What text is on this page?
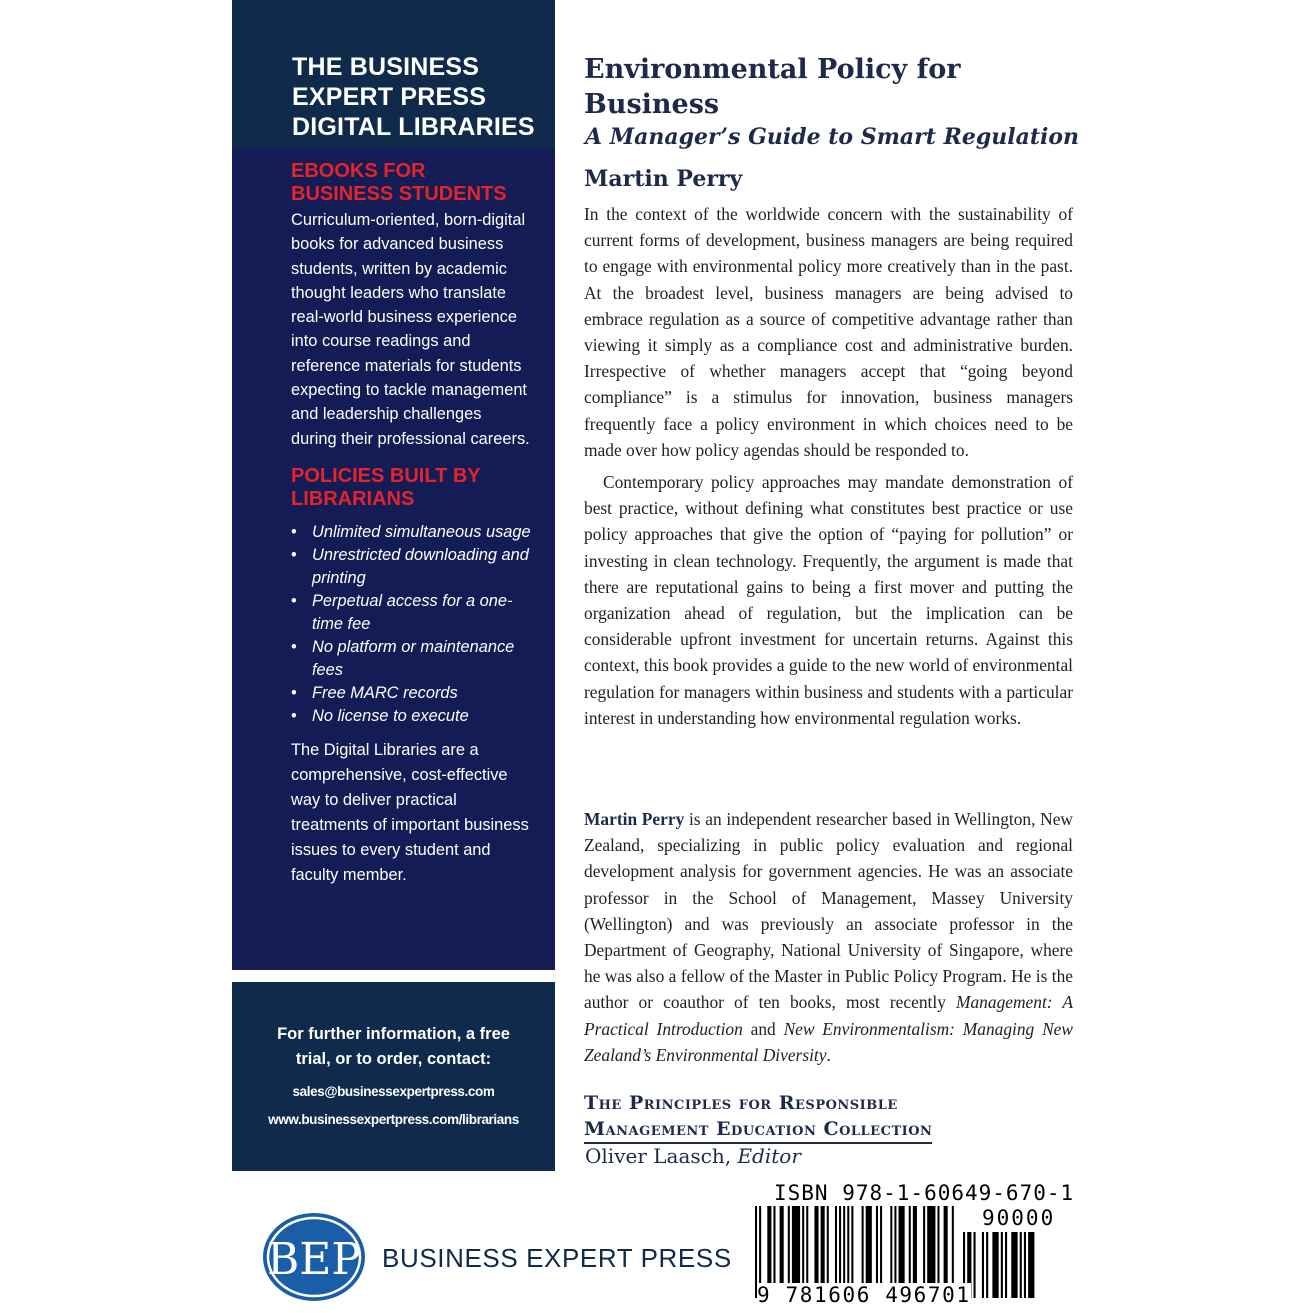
THE BUSINESS EXPERT PRESS DIGITAL LIBRARIES
EBOOKS FOR BUSINESS STUDENTS

Curriculum-oriented, born-digital books for advanced business students, written by academic thought leaders who translate real-world business experience into course readings and reference materials for students expecting to tackle management and leadership challenges during their professional careers.

POLICIES BUILT BY LIBRARIANS
• Unlimited simultaneous usage
• Unrestricted downloading and printing
• Perpetual access for a one-time fee
• No platform or maintenance fees
• Free MARC records
• No license to execute

The Digital Libraries are a comprehensive, cost-effective way to deliver practical treatments of important business issues to every student and faculty member.

For further information, a free trial, or to order, contact:
sales@businessexpertpress.com
www.businessexpertpress.com/librarians
BEP BUSINESS EXPERT PRESS
Environmental Policy for Business
A Manager’s Guide to Smart Regulation
Martin Perry

In the context of the worldwide concern with the sustainability of current forms of development, business managers are being required to engage with environmental policy more creatively than in the past. At the broadest level, business managers are being advised to embrace regulation as a source of competitive advantage rather than viewing it simply as a compliance cost and administrative burden. Irrespective of whether managers accept that “going beyond compliance” is a stimulus for innovation, business managers frequently face a policy environment in which choices need to be made over how policy agendas should be responded to.

Contemporary policy approaches may mandate demonstration of best practice, without defining what constitutes best practice or use policy approaches that give the option of “paying for pollution” or investing in clean technology. Frequently, the argument is made that there are reputational gains to being a first mover and putting the organization ahead of regulation, but the implication can be considerable upfront investment for uncertain returns. Against this context, this book provides a guide to the new world of environmental regulation for managers within business and students with a particular interest in understanding how environmental regulation works.

Martin Perry is an independent researcher based in Wellington, New Zealand, specializing in public policy evaluation and regional development analysis for government agencies. He was an associate professor in the School of Management, Massey University (Wellington) and was previously an associate professor in the Department of Geography, National University of Singapore, where he was also a fellow of the Master in Public Policy Program. He is the author or coauthor of ten books, most recently Management: A Practical Introduction and New Environmentalism: Managing New Zealand’s Environmental Diversity.

The Principles for Responsible
Management Education Collection
Oliver Laasch, Editor
ISBN 978-1-60649-670-1
90000
9 781606 496701
